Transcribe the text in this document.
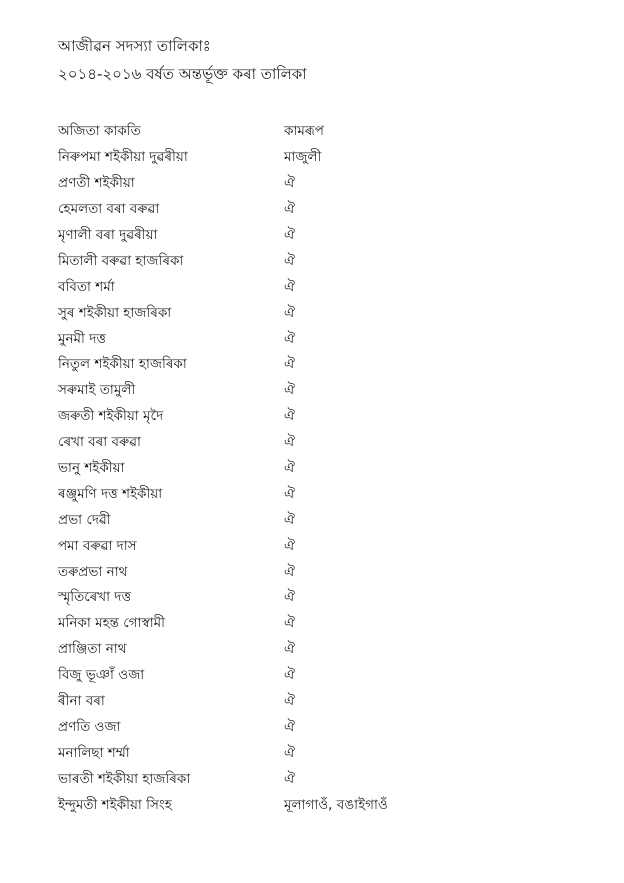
আজীৱন সদস্যা তালিকাঃ
২০১৪-২০১৬ বৰ্ষত অন্তৰ্ভূক্ত কৰা তালিকা
অজিতা কাকতি	কামৰূপ
নিৰুপমা শইকীয়া দুৱৰীয়া	মাজুলী
প্ৰণতী শইকীয়া	ঐ
হেমলতা বৰা বৰুৱা	ঐ
মৃণালী বৰা দুৱৰীয়া	ঐ
মিতালী বৰুৱা হাজৰিকা	ঐ
ববিতা শৰ্মা	ঐ
সুৰ শইকীয়া হাজৰিকা	ঐ
মুনমী দত্ত	ঐ
নিতুল শইকীয়া হাজৰিকা	ঐ
সৰুমাই তামুলী	ঐ
জৰুতী শইকীয়া মৃদৈ	ঐ
ৰেখা বৰা বৰুৱা	ঐ
ভানু শইকীয়া	ঐ
ৰঞ্জুমণি দত্ত শইকীয়া	ঐ
প্ৰভা দেৱী	ঐ
পমা বৰুৱা দাস	ঐ
তৰুপ্ৰভা নাথ	ঐ
স্মৃতিৰেখা দত্ত	ঐ
মনিকা মহন্ত গোস্বামী	ঐ
প্ৰাঞ্জিতা নাথ	ঐ
বিজু ভূঞাঁ ওজা	ঐ
ৰীনা বৰা	ঐ
প্ৰণতি ওজা	ঐ
মনালিছা শৰ্ম্মা	ঐ
ভাৰতী শইকীয়া হাজৰিকা	ঐ
ইন্দুমতী শইকীয়া সিংহ	মূলাগাওঁ, বঙাইগাওঁ
